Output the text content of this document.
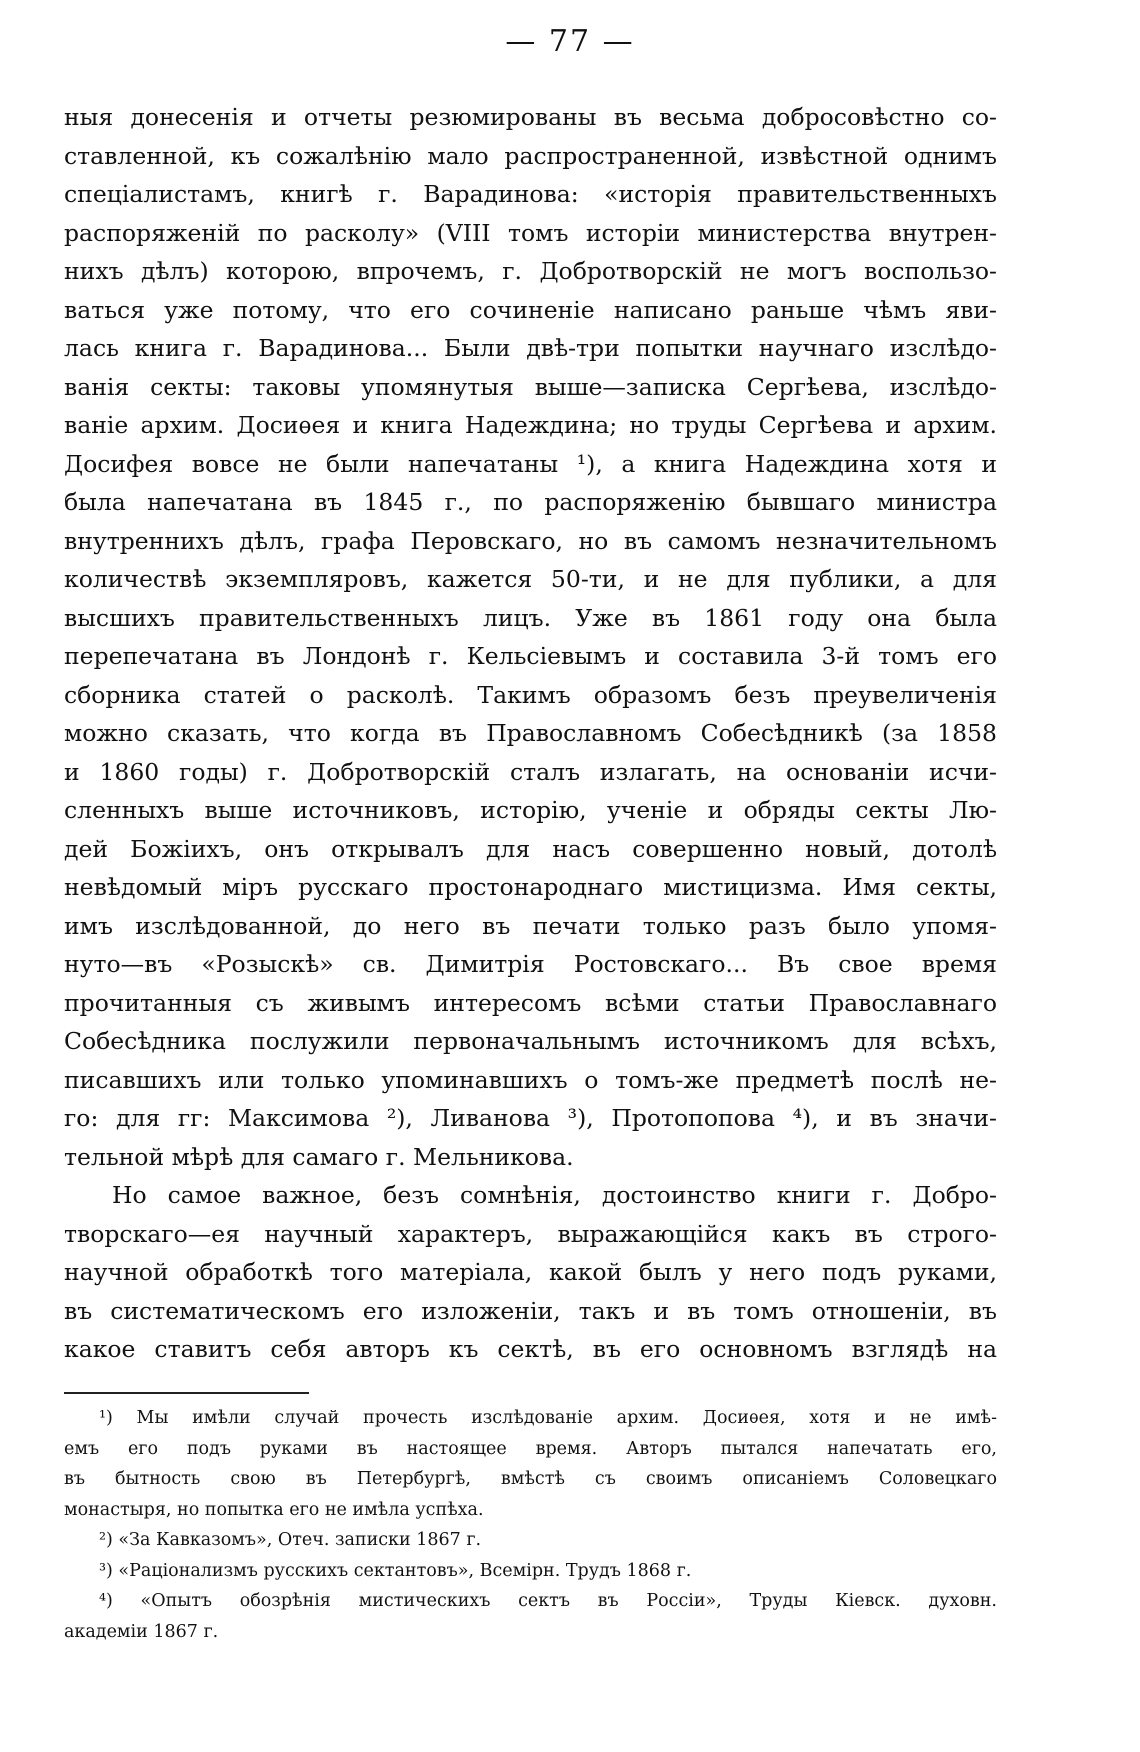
— 77 —
ныя донесенія и отчеты резюмированы въ весьма добросовѣстно со-
ставленной, къ сожалѣнію мало распространенной, извѣстной однимъ
спеціалистамъ, книгѣ г. Варадинова: «исторія правительственныхъ
распоряженій по расколу» (VIII томъ исторіи министерства внутрен-
нихъ дѣлъ) которою, впрочемъ, г. Добротворскій не могъ воспользо-
ваться уже потому, что его сочиненіе написано раньше чѣмъ яви-
лась книга г. Варадинова... Были двѣ-три попытки научнаго изслѣдо-
ванія секты: таковы упомянутыя выше—записка Сергѣева, изслѣдо-
ваніе архим. Досиѳея и книга Надеждина; но труды Сергѣева и архим.
Досифея вовсе не были напечатаны ¹), а книга Надеждина хотя и
была напечатана въ 1845 г., по распоряженію бывшаго министра
внутреннихъ дѣлъ, графа Перовскаго, но въ самомъ незначительномъ
количествѣ экземпляровъ, кажется 50-ти, и не для публики, а для
высшихъ правительственныхъ лицъ. Уже въ 1861 году она была
перепечатана въ Лондонѣ г. Кельсіевымъ и составила 3-й томъ его
сборника статей о расколѣ. Такимъ образомъ безъ преувеличенія
можно сказать, что когда въ Православномъ Собесѣдникѣ (за 1858
и 1860 годы) г. Добротворскій сталъ излагать, на основаніи исчи-
сленныхъ выше источниковъ, исторію, ученіе и обряды секты Лю-
дей Божіихъ, онъ открывалъ для насъ совершенно новый, дотолѣ
невѣдомый міръ русскаго простонароднаго мистицизма. Имя секты,
имъ изслѣдованной, до него въ печати только разъ было упомя-
нуто—въ «Розыскѣ» св. Димитрія Ростовскаго... Въ свое время
прочитанныя съ живымъ интересомъ всѣми статьи Православнаго
Собесѣдника послужили первоначальнымъ источникомъ для всѣхъ,
писавшихъ или только упоминавшихъ о томъ-же предметѣ послѣ не-
го: для гг: Максимова ²), Ливанова ³), Протопопова ⁴), и въ значи-
тельной мѣрѣ для самаго г. Мельникова.
Но самое важное, безъ сомнѣнія, достоинство книги г. Добро-
творскаго—ея научный характеръ, выражающійся какъ въ строго-
научной обработкѣ того матеріала, какой былъ у него подъ руками,
въ систематическомъ его изложеніи, такъ и въ томъ отношеніи, въ
какое ставитъ себя авторъ къ сектѣ, въ его основномъ взглядѣ на
¹) Мы имѣли случай прочесть изслѣдованіе архим. Досиѳея, хотя и не имѣ-
емъ его подъ руками въ настоящее время. Авторъ пытался напечатать его,
въ бытность свою въ Петербургѣ, вмѣстѣ съ своимъ описаніемъ Соловецкаго
монастыря, но попытка его не имѣла успѣха.
²) «За Кавказомъ», Отеч. записки 1867 г.
³) «Раціонализмъ русскихъ сектантовъ», Всемірн. Трудъ 1868 г.
⁴) «Опытъ обозрѣнія мистическихъ сектъ въ Россіи», Труды Кіевск. духовн.
академіи 1867 г.
